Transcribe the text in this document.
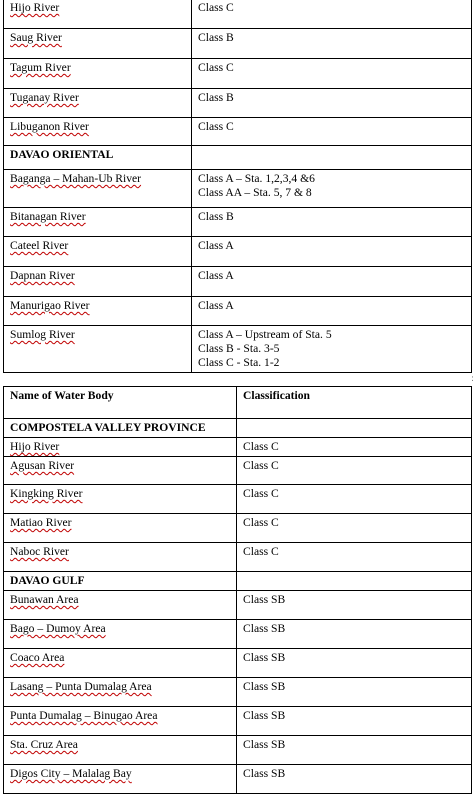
Hijo River	Class C
Saug River	Class B
Tagum River	Class C
Tuganay River	Class B
Libuganon River	Class C
DAVAO ORIENTAL	
Baganga – Mahan-Ub River	Class A – Sta. 1,2,3,4 &6
Class AA – Sta. 5, 7 & 8

Bitanagan River	Class B
Cateel River	Class A
Dapnan River	Class A
Manurigao River	Class A
Sumlog River	Class A – Upstream of Sta. 5
Class B - Sta. 3-5
Class C - Sta. 1-2
:
Name of Water Body	Classification
COMPOSTELA VALLEY PROVINCE	
Hijo River	Class C
Agusan River	Class C
Kingking River	Class C
Matiao River	Class C
Naboc River	Class C
DAVAO GULF	
Bunawan Area	Class SB
Bago – Dumoy Area	Class SB
Coaco Area	Class SB
Lasang – Punta Dumalag Area	Class SB
Punta Dumalag – Binugao Area	Class SB
Sta. Cruz Area	Class SB
Digos City – Malalag Bay	Class SB
